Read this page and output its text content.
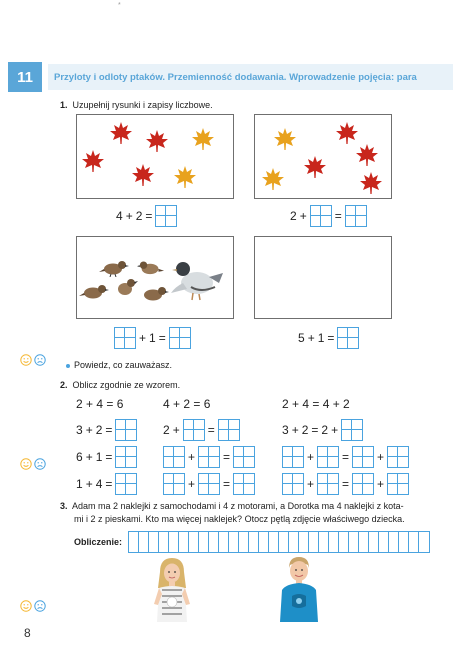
*
11	Przyloty i odloty ptaków. Przemienność dodawania. Wprowadzenie pojęcia: para
1. Uzupełnij rysunki i zapisy liczbowe.
4 + 2 =	2 + =
+ 1 =	5 + 1 =
Powiedz, co zauważasz.
2. Oblicz zgodnie ze wzorem.
2 + 4 = 6	4 + 2 = 6	2 + 4 = 4 + 2
3 + 2 =	2 + =	3 + 2 = 2 +
6 + 1 =	+ =	+ = +
1 + 4 =	+ =	+ = +
3. Adam ma 2 naklejki z samochodami i 4 z motorami, a Dorotka ma 4 naklejki z kota-
mi i 2 z pieskami. Kto ma więcej naklejek? Otocz pętlą zdjęcie właściwego dziecka.
Obliczenie:
8
